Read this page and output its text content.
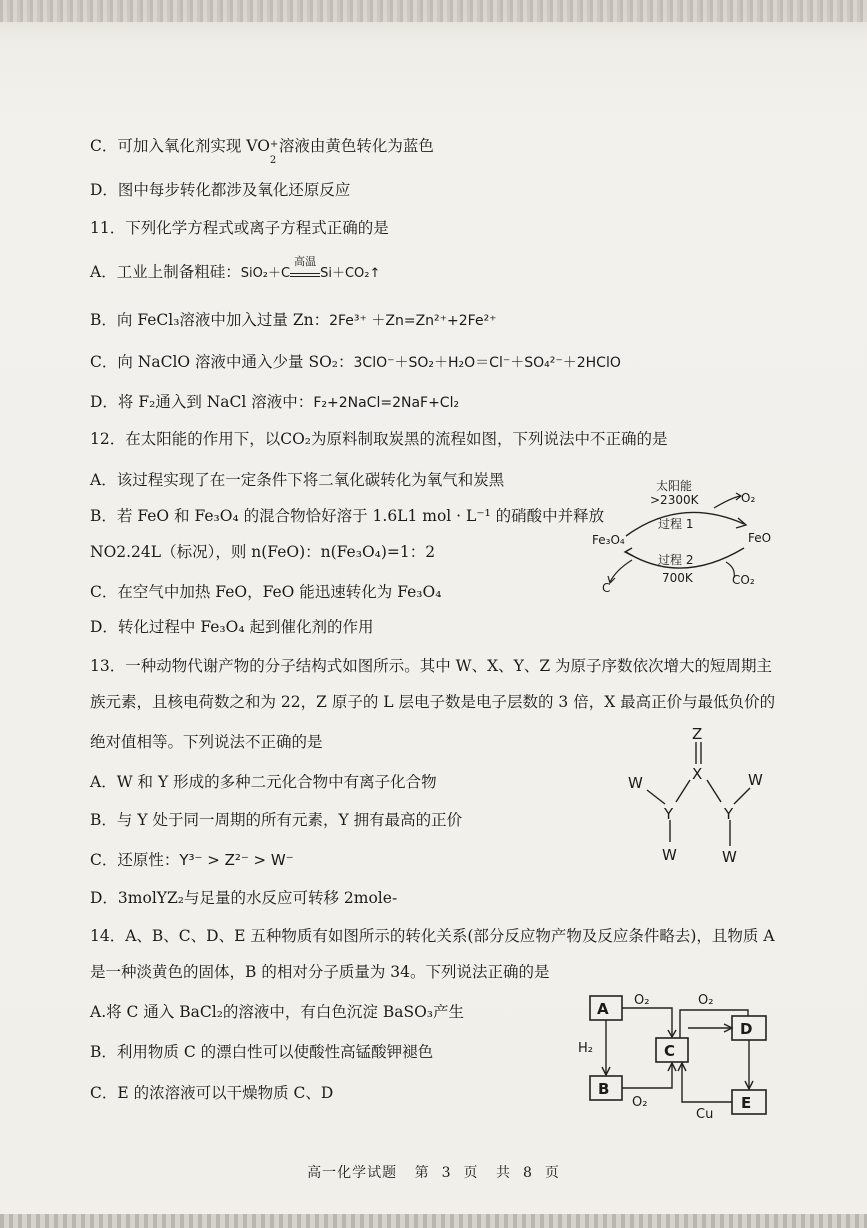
C．可加入氧化剂实现 VO +
2
溶液由黄色转化为蓝色
D．图中每步转化都涉及氧化还原反应
11．下列化学方程式或离子方程式正确的是
A．工业上制备粗硅：SiO₂＋C
高温
Si＋CO₂↑
B．向 FeCl₃溶液中加入过量 Zn：2Fe³⁺ ＋Zn=Zn²⁺+2Fe²⁺
C．向 NaClO 溶液中通入少量 SO₂：3ClO⁻＋SO₂＋H₂O＝Cl⁻＋SO₄²⁻＋2HClO
D．将 F₂通入到 NaCl 溶液中：F₂+2NaCl=2NaF+Cl₂
12．在太阳能的作用下，以CO₂为原料制取炭黑的流程如图，下列说法中不正确的是
A．该过程实现了在一定条件下将二氧化碳转化为氧气和炭黑
B．若 FeO 和 Fe₃O₄ 的混合物恰好溶于 1.6L1 mol · L⁻¹ 的硝酸中并释放
NO2.24L（标况），则 n(FeO)：n(Fe₃O₄)=1：2
C．在空气中加热 FeO，FeO 能迅速转化为 Fe₃O₄
D．转化过程中 Fe₃O₄ 起到催化剂的作用
太阳能
>2300K
过程 1
O₂
Fe₃O₄	FeO
过程 2
700K	CO₂
C
13．一种动物代谢产物的分子结构式如图所示。其中 W、X、Y、Z 为原子序数依次增大的短周期主
族元素，且核电荷数之和为 22，Z 原子的 L 层电子数是电子层数的 3 倍，X 最高正价与最低负价的
绝对值相等。下列说法不正确的是
A．W 和 Y 形成的多种二元化合物中有离子化合物
B．与 Y 处于同一周期的所有元素，Y 拥有最高的正价
C．还原性：Y³⁻ > Z²⁻ > W⁻
D．3molYZ₂与足量的水反应可转移 2mole-
Z
X
Y	Y
W
W
W
W
14．A、B、C、D、E 五种物质有如图所示的转化关系(部分反应物产物及反应条件略去)，且物质 A
是一种淡黄色的固体，B 的相对分子质量为 34。下列说法正确的是
A.将 C 通入 BaCl₂的溶液中，有白色沉淀 BaSO₃产生
B．利用物质 C 的漂白性可以使酸性高锰酸钾褪色
C．E 的浓溶液可以干燥物质 C、D
A
B
C
D
E
O₂	O₂
H₂
O₂
Cu
高一化学试题 第 3 页 共 8 页
